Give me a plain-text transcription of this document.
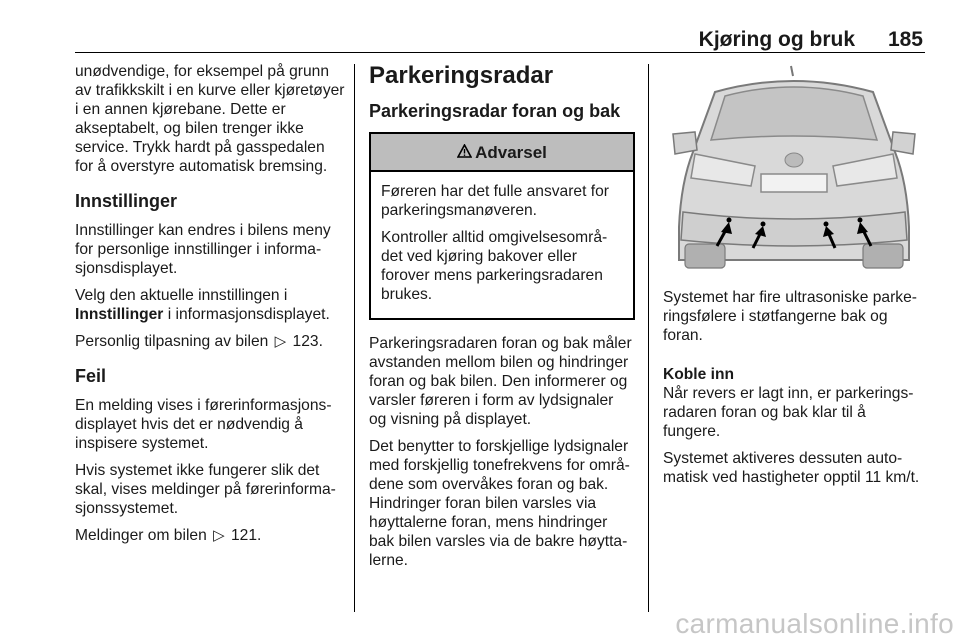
Kjøring og bruk 185

unødvendige, for eksempel på grunn av trafikkskilt i en kurve eller kjøretøyer i en annen kjørebane. Dette er akseptabelt, og bilen trenger ikke service. Trykk hardt på gasspedalen for å overstyre automatisk bremsing.

Innstillinger

Innstillinger kan endres i bilens meny for personlige innstillinger i informasjonsdisplayet.

Velg den aktuelle innstillingen i Innstillinger i informasjonsdisplayet.

Personlig tilpasning av bilen ▷ 123.

Feil

En melding vises i førerinformasjonsdisplayet hvis det er nødvendig å inspisere systemet.

Hvis systemet ikke fungerer slik det skal, vises meldinger på førerinformasjonssystemet.

Meldinger om bilen ▷ 121.

Parkeringsradar
Parkeringsradar foran og bak
Advarsel

Føreren har det fulle ansvaret for parkeringsmanøveren.

Kontroller alltid omgivelsesområdet ved kjøring bakover eller forover mens parkeringsradaren brukes.

Parkeringsradaren foran og bak måler avstanden mellom bilen og hindringer foran og bak bilen. Den informerer og varsler føreren i form av lydsignaler og visning på displayet.

Det benytter to forskjellige lydsignaler med forskjellig tonefrekvens for områdene som overvåkes foran og bak. Hindringer foran bilen varsles via høyttalerne foran, mens hindringer bak bilen varsles via de bakre høyttalerne.

Systemet har fire ultrasoniske parkeringsfølere i støtfangerne bak og foran.

Koble inn

Når revers er lagt inn, er parkeringsradaren foran og bak klar til å fungere.

Systemet aktiveres dessuten automatisk ved hastigheter opptil 11 km/t.

carmanualsonline.info
